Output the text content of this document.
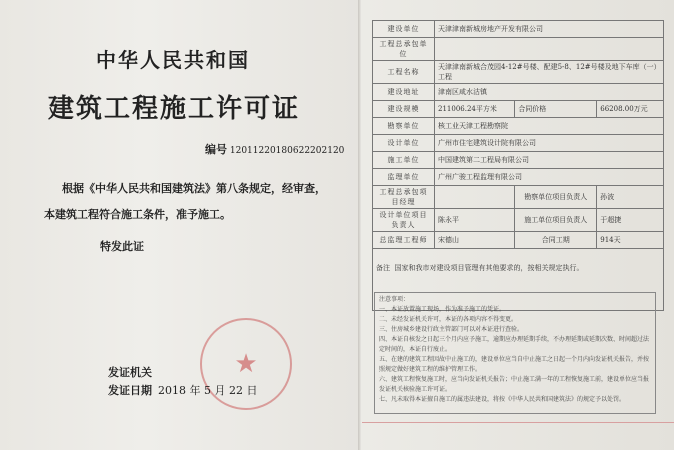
中华人民共和国
建筑工程施工许可证
编号 12011220180622202120
根据《中华人民共和国建筑法》第八条规定，经审查，
本建筑工程符合施工条件，准予施工。
特发此证
★
发证机关
发证日期 2018 年 5 月 22 日
建设单位	天津津南新城房地产开发有限公司		
工程总承包单位			
工程名称	天津津南新城合茂园4-12#号楼、配建5-8、12#号楼及地下车库（一）工程		
建设地址	津南区咸水沽镇		
建设规模	211006.24平方米	合同价格	66208.00万元
勘察单位	核工业天津工程勘察院		
设计单位	广州市住宅建筑设计院有限公司		
施工单位	中国建筑第二工程局有限公司		
监理单位	广州广骏工程监理有限公司		
工程总承包项目经理		勘察单位项目负责人	孙波
设计单位项目负责人	陈永平	施工单位项目负责人	于超捷
总监理工程师	宋德山	合同工期	914天
备注 国家和我市对建设项目管理有其他要求的，按相关规定执行。			
注意事项：
一、本证放置施工现场，作为准予施工的凭证。
二、未经发证机关许可，本证的各项内容不得变更。
三、住房城乡建设行政主管部门可以对本证进行查验。
四、本证自核发之日起三个月内应予施工，逾期应办理延期手续，不办理延期或延期次数、时间超过法定时间的，本证自行废止。
五、在建的建筑工程因故中止施工的，建设单位应当自中止施工之日起一个月内向发证机关报告，并按照规定做好建筑工程的维护管理工作。
六、建筑工程恢复施工时，应当向发证机关报告；中止施工满一年的工程恢复施工前，建设单位应当报发证机关核验施工许可证。
七、凡未取得本证擅自施工的属违法建设，将按《中华人民共和国建筑法》的规定予以处罚。
